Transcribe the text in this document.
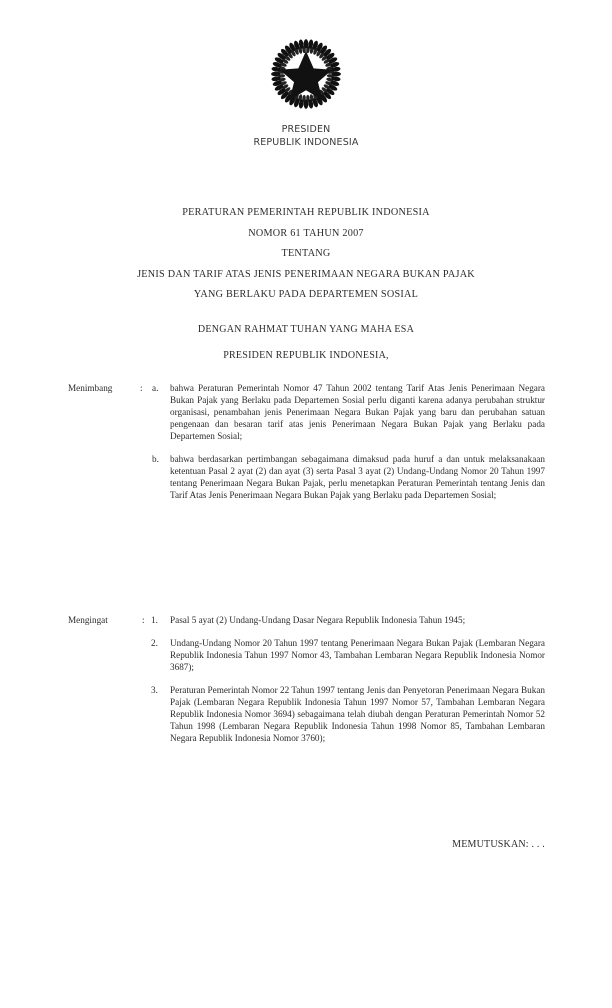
PRESIDEN
REPUBLIK INDONESIA
PERATURAN PEMERINTAH REPUBLIK INDONESIA
NOMOR 61 TAHUN 2007
TENTANG
JENIS DAN TARIF ATAS JENIS PENERIMAAN NEGARA BUKAN PAJAK
YANG BERLAKU PADA DEPARTEMEN SOSIAL
DENGAN RAHMAT TUHAN YANG MAHA ESA
PRESIDEN REPUBLIK INDONESIA,
Menimbang	: a.	bahwa Peraturan Pemerintah Nomor 47 Tahun 2002 tentang Tarif Atas Jenis Penerimaan Negara Bukan Pajak yang Berlaku pada Departemen Sosial perlu diganti karena adanya perubahan struktur organisasi, penambahan jenis Penerimaan Negara Bukan Pajak yang baru dan perubahan satuan pengenaan dan besaran tarif atas jenis Penerimaan Negara Bukan Pajak yang Berlaku pada Departemen Sosial;
b.	bahwa berdasarkan pertimbangan sebagaimana dimaksud pada huruf a dan untuk melaksanakaan ketentuan Pasal 2 ayat (2) dan ayat (3) serta Pasal 3 ayat (2) Undang-Undang Nomor 20 Tahun 1997 tentang Penerimaan Negara Bukan Pajak, perlu menetapkan Peraturan Pemerintah tentang Jenis dan Tarif Atas Jenis Penerimaan Negara Bukan Pajak yang Berlaku pada Departemen Sosial;
Mengingat	: 1.	Pasal 5 ayat (2) Undang-Undang Dasar Negara Republik Indonesia Tahun 1945;
2.	Undang-Undang Nomor 20 Tahun 1997 tentang Penerimaan Negara Bukan Pajak (Lembaran Negara Republik Indonesia Tahun 1997 Nomor 43, Tambahan Lembaran Negara Republik Indonesia Nomor 3687);
3.	Peraturan Pemerintah Nomor 22 Tahun 1997 tentang Jenis dan Penyetoran Penerimaan Negara Bukan Pajak (Lembaran Negara Republik Indonesia Tahun 1997 Nomor 57, Tambahan Lembaran Negara Republik Indonesia Nomor 3694) sebagaimana telah diubah dengan Peraturan Pemerintah Nomor 52 Tahun 1998 (Lembaran Negara Republik Indonesia Tahun 1998 Nomor 85, Tambahan Lembaran Negara Republik Indonesia Nomor 3760);
MEMUTUSKAN: . . .
